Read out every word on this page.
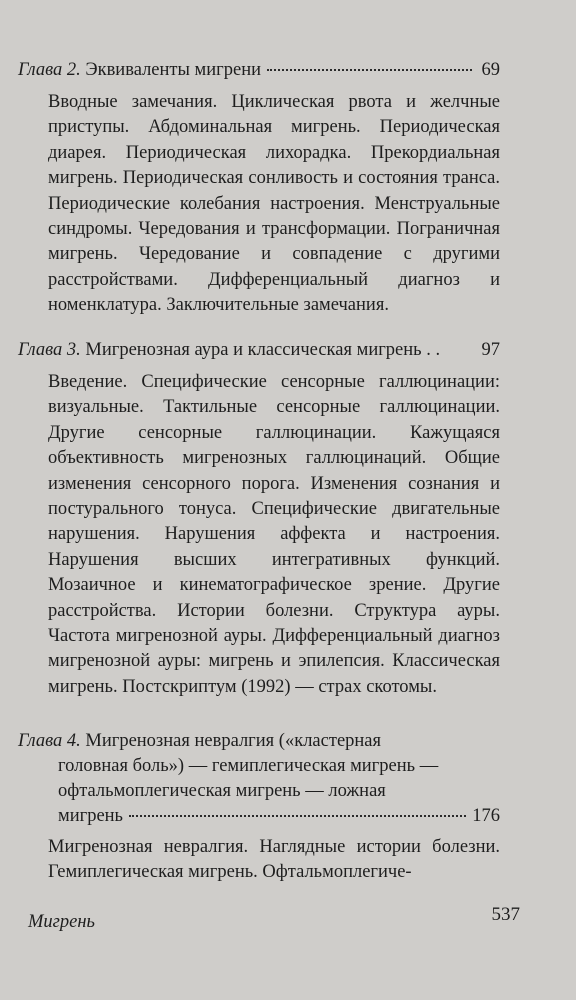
Глава 2. Эквиваленты мигрени	69
Вводные замечания. Циклическая рвота и желчные приступы. Абдоминальная мигрень. Периодическая диарея. Периодическая лихорадка. Прекордиальная мигрень. Периодическая сонливость и состояния транса. Периодические колебания настроения. Менструальные синдромы. Чередования и трансформации. Пограничная мигрень. Чередование и совпадение с другими расстройствами. Дифференциальный диагноз и номенклатура. Заключительные замечания.
Глава 3. Мигренозная аура и классическая мигрень . . 97
Введение. Специфические сенсорные галлюцинации: визуальные. Тактильные сенсорные галлюцинации. Другие сенсорные галлюцинации. Кажущаяся объективность мигренозных галлюцинаций. Общие изменения сенсорного порога. Изменения сознания и постурального тонуса. Специфические двигательные нарушения. Нарушения аффекта и настроения. Нарушения высших интегративных функций. Мозаичное и кинематографическое зрение. Другие расстройства. Истории болезни. Структура ауры. Частота мигренозной ауры. Дифференциальный диагноз мигренозной ауры: мигрень и эпилепсия. Классическая мигрень. Постскриптум (1992) — страх скотомы.
Глава 4. Мигренозная невралгия («кластерная
головная боль») — гемиплегическая мигрень —
офтальмоплегическая мигрень — ложная
мигрень	176
Мигренозная невралгия. Наглядные истории болезни. Гемиплегическая мигрень. Офтальмоплегиче-
Мигрень	537
